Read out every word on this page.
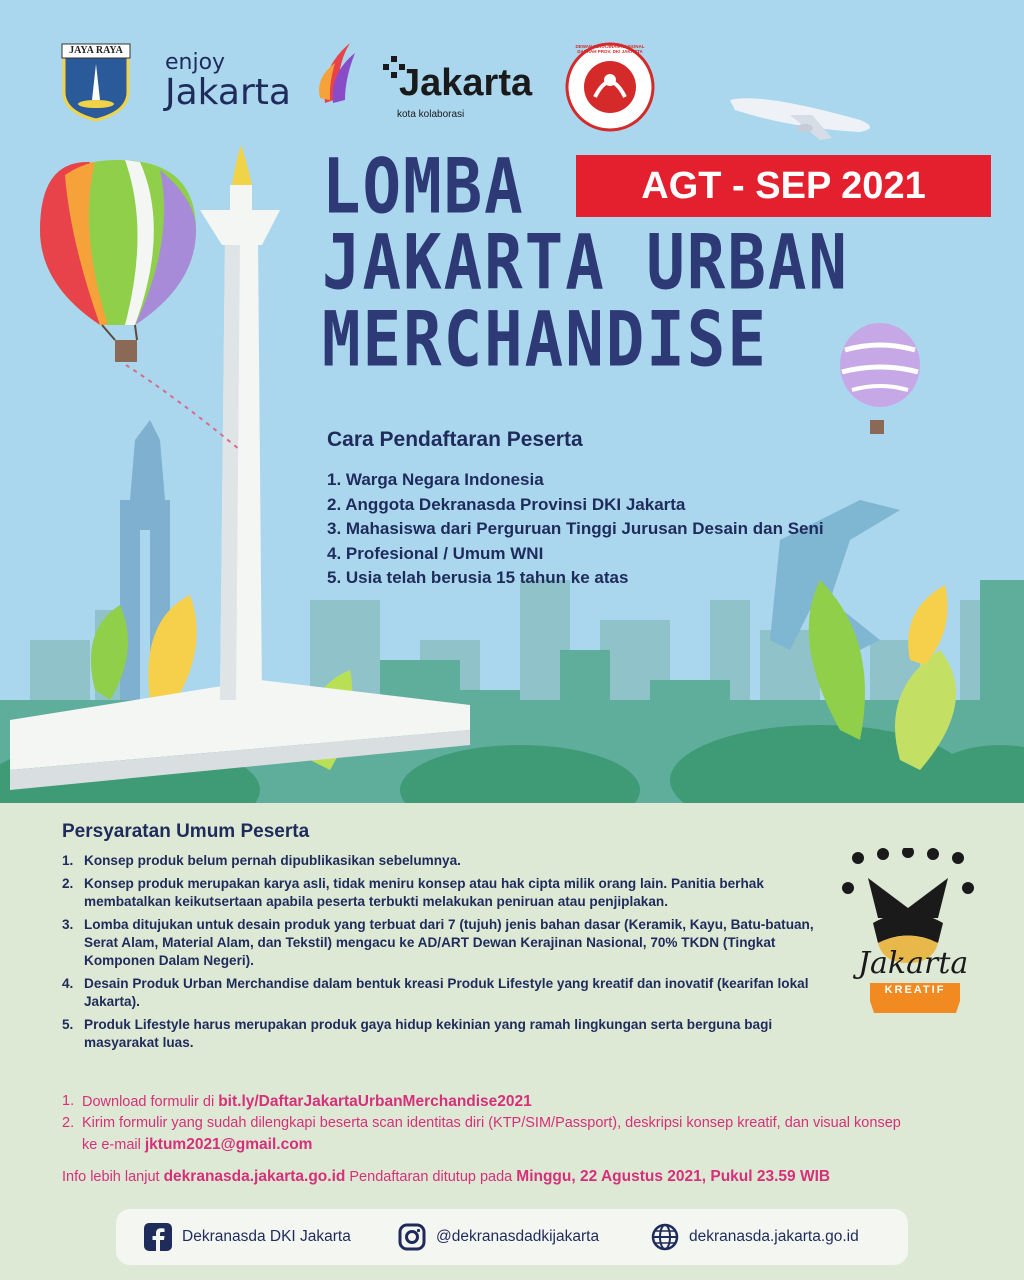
JAYA RAYA	enjoy
Jakarta	Jakarta
kota kolaborasi
DEWAN KERAJINAN NASIONAL DAERAH PROV. DKI JAKARTA
LOMBA
JAKARTA URBAN
MERCHANDISE
AGT - SEP 2021
Cara Pendaftaran Peserta
1. Warga Negara Indonesia
2. Anggota Dekranasda Provinsi DKI Jakarta
3. Mahasiswa dari Perguruan Tinggi Jurusan Desain dan Seni
4. Profesional / Umum WNI
5. Usia telah berusia 15 tahun ke atas
Persyaratan Umum Peserta
1. Konsep produk belum pernah dipublikasikan sebelumnya.
2. Konsep produk merupakan karya asli, tidak meniru konsep atau hak cipta milik orang lain. Panitia berhak membatalkan keikutsertaan apabila peserta terbukti melakukan peniruan atau penjiplakan.
3. Lomba ditujukan untuk desain produk yang terbuat dari 7 (tujuh) jenis bahan dasar (Keramik, Kayu, Batu-batuan, Serat Alam, Material Alam, dan Tekstil) mengacu ke AD/ART Dewan Kerajinan Nasional, 70% TKDN (Tingkat Komponen Dalam Negeri).
4. Desain Produk Urban Merchandise dalam bentuk kreasi Produk Lifestyle yang kreatif dan inovatif (kearifan lokal Jakarta).
5. Produk Lifestyle harus merupakan produk gaya hidup kekinian yang ramah lingkungan serta berguna bagi masyarakat luas.
Jakarta
KREATIF
1. Download formulir di bit.ly/DaftarJakartaUrbanMerchandise2021
2. Kirim formulir yang sudah dilengkapi beserta scan identitas diri (KTP/SIM/Passport), deskripsi konsep kreatif, dan visual konsep ke e-mail jktum2021@gmail.com
Info lebih lanjut dekranasda.jakarta.go.id Pendaftaran ditutup pada Minggu, 22 Agustus 2021, Pukul 23.59 WIB
Dekranasda DKI Jakarta	@dekranasdadkijakarta	dekranasda.jakarta.go.id
